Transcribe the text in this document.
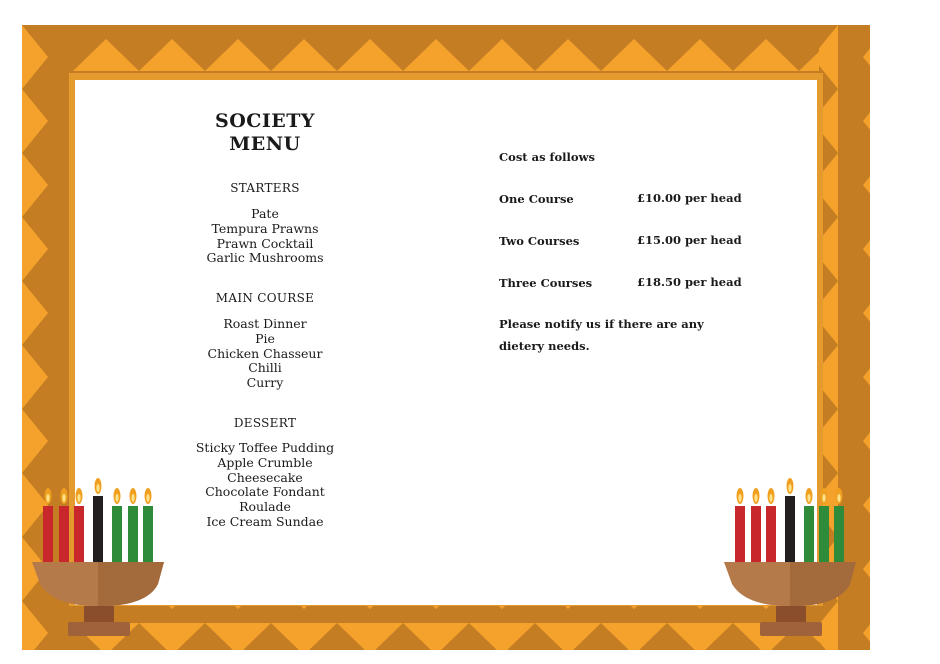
SOCIETY
MENU
STARTERS
Pate
Tempura Prawns
Prawn Cocktail
Garlic Mushrooms
MAIN COURSE
Roast Dinner
Pie
Chicken Chasseur
Chilli
Curry
DESSERT
Sticky Toffee Pudding
Apple Crumble
Cheesecake
Chocolate Fondant
Roulade
Ice Cream Sundae
Cost as follows
One Course	£10.00 per head
Two Courses	£15.00 per head
Three Courses	£18.50 per head
Please notify us if there are any
dietery needs.
